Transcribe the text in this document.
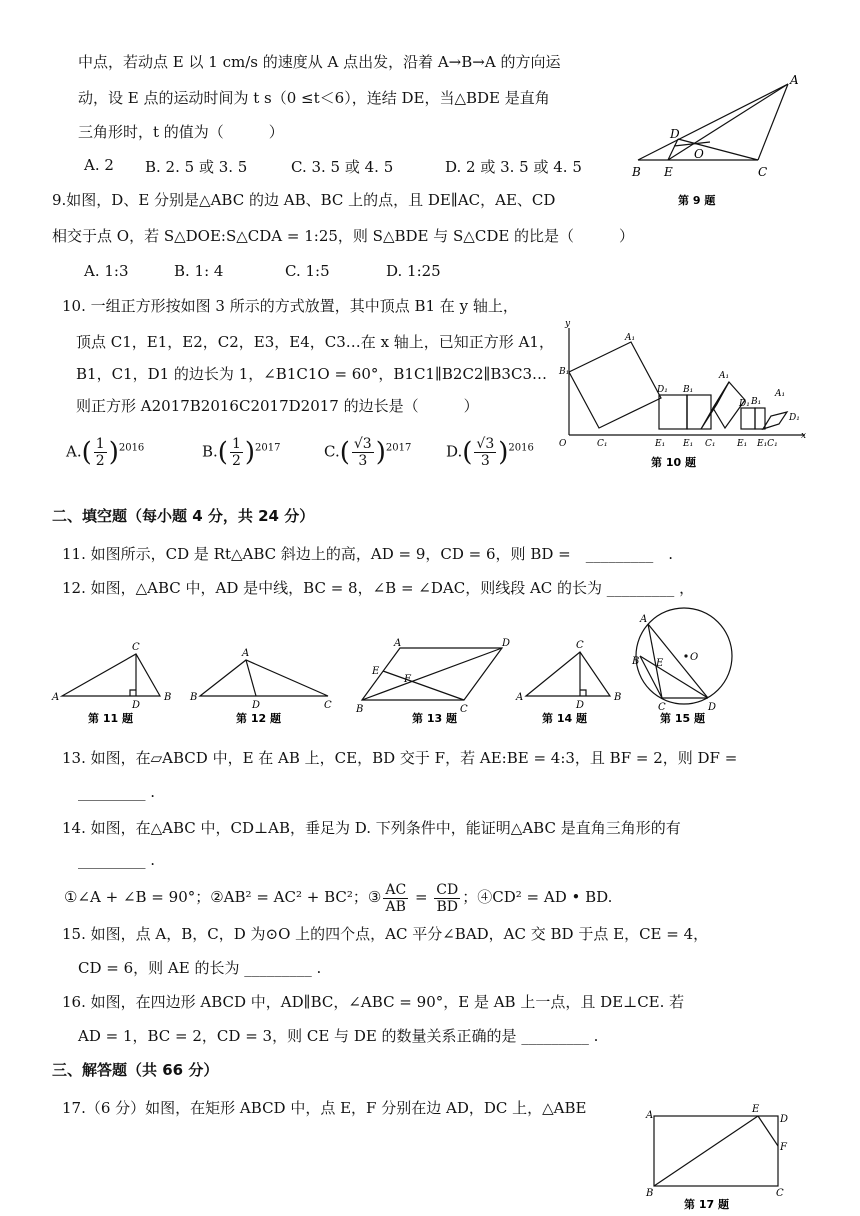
中点，若动点 E 以 1 cm/s 的速度从 A 点出发，沿着 A→B→A 的方向运
动，设 E 点的运动时间为 t s（0 ≤t＜6），连结 DE，当△BDE 是直角
三角形时，t 的值为（　　　）
A. 2 B. 2. 5 或 3. 5	C. 3. 5 或 4. 5	D. 2 或 3. 5 或 4. 5
A
D
O
B E	C
第 9 题
9.如图，D、E 分别是△ABC 的边 AB、BC 上的点，且 DE∥AC，AE、CD
相交于点 O，若 S△DOE:S△CDA = 1:25，则 S△BDE 与 S△CDE 的比是（　　　）
A. 1:3	B. 1: 4	C. 1:5	D. 1:25
10. 一组正方形按如图 3 所示的方式放置，其中顶点 B1 在 y 轴上，
顶点 C1，E1，E2，C2，E3，E4，C3…在 x 轴上，已知正方形 A1，
B1，C1，D1 的边长为 1，∠B1C1O = 60°，B1C1∥B2C2∥B3C3…
则正方形 A2017B2016C2017D2017 的边长是（　　　）
$A.( \frac{1}{2} )^{2016}$	$B.( \frac{1}{2} )^{2017}$	$C.( \frac{√3}{3} )^{2017}$ $D.( \frac{√3}{3} )^{2016}$
y
B₁
A₁
D₁ B₁
A₁
D₁ B₁
A₁
D₁
O	C₁	E₁ E₁ C₁ E₁ E₁C₁
x
第 10 题
二、填空题（每小题 4 分，共 24 分）
11. 如图所示，CD 是 Rt△ABC 斜边上的高，AD = 9，CD = 6，则 BD =　_________　.
12. 如图，△ABC 中，AD 是中线，BC = 8，∠B = ∠DAC，则线段 AC 的长为 _________ ，
A
C
D
B
第 11 题
B
A
D	C
第 12 题
A	D
E
F
B	C
第 13 题
A
C
D
B
第 14 题
A
O
B E
C	D
第 15 题
13. 如图，在▱ABCD 中，E 在 AB 上，CE，BD 交于 F，若 AE:BE = 4:3，且 BF = 2，则 DF =
_________ .
14. 如图，在△ABC 中，CD⊥AB，垂足为 D. 下列条件中，能证明△ABC 是直角三角形的有
_________ .
①∠A + ∠B = 90°；②AB² = AC² + BC²；③ $\frac{AC}{AB} = \frac{CD}{BD}$ ；④CD² = AD • BD.
15. 如图，点 A，B，C，D 为⊙O 上的四个点，AC 平分∠BAD，AC 交 BD 于点 E，CE = 4，
CD = 6，则 AE 的长为 _________ .
16. 如图，在四边形 ABCD 中，AD∥BC，∠ABC = 90°，E 是 AB 上一点，且 DE⊥CE. 若
AD = 1，BC = 2，CD = 3，则 CE 与 DE 的数量关系正确的是 _________ .
三、解答题（共 66 分）
17.（6 分）如图，在矩形 ABCD 中，点 E，F 分别在边 AD，DC 上，△ABE	A
E
D
F
B	C
第 17 题
